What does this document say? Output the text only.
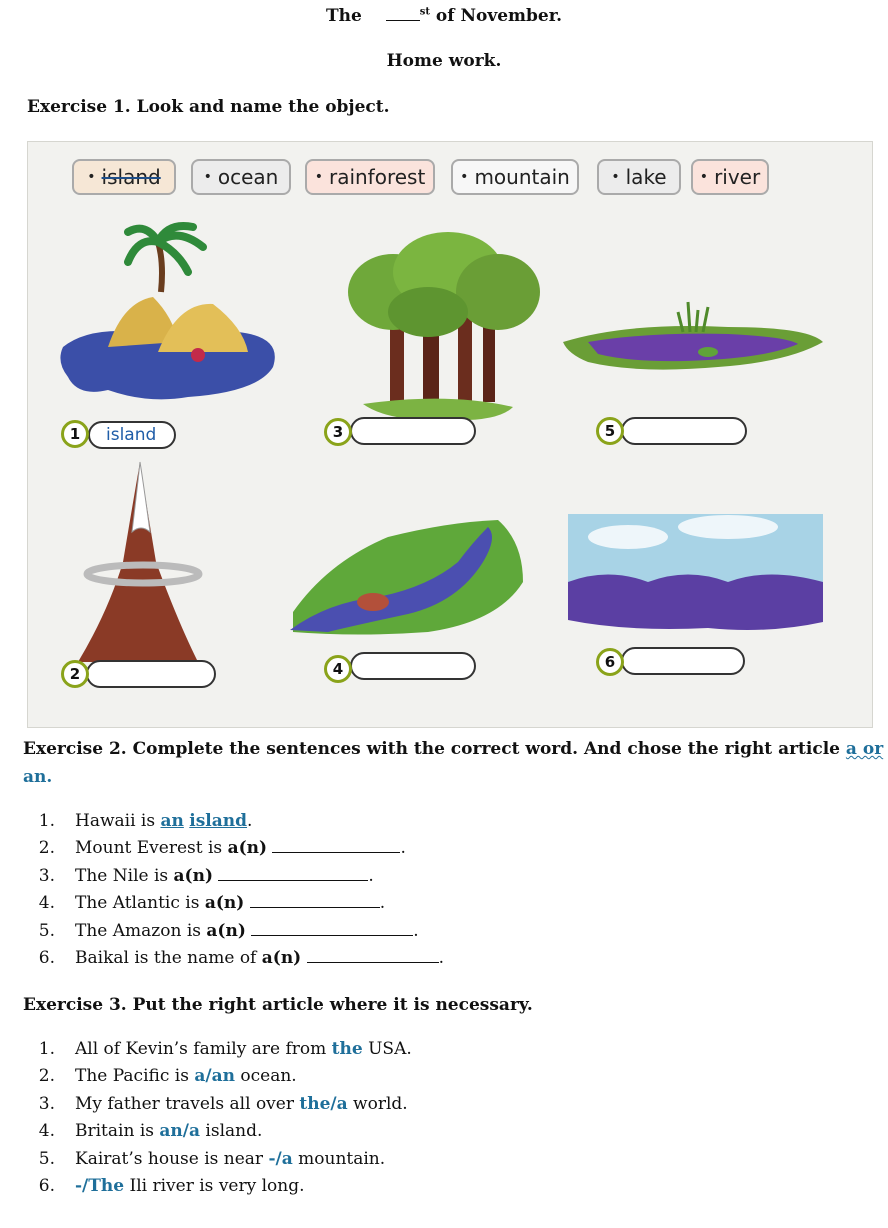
The	$^{st}$ of November.
Home work.
Exercise 1. Look and name the object.
• island	• ocean	• rainforest • mountain	• lake • river
island
1
2
3
4
5
6
Exercise 2. Complete the sentences with the correct word. And chose the right article a or
an.
1. Hawaii is an island.
2. Mount Everest is a(n)	.
3. The Nile is a(n)	.
4. The Atlantic is a(n)	.
5. The Amazon is a(n)	.
6. Baikal is the name of a(n)	.
Exercise 3. Put the right article where it is necessary.
1. All of Kevin’s family are from the USA.
2. The Pacific is a/an ocean.
3. My father travels all over the/a world.
4. Britain is an/a island.
5. Kairat’s house is near -/a mountain.
6. -/The Ili river is very long.
